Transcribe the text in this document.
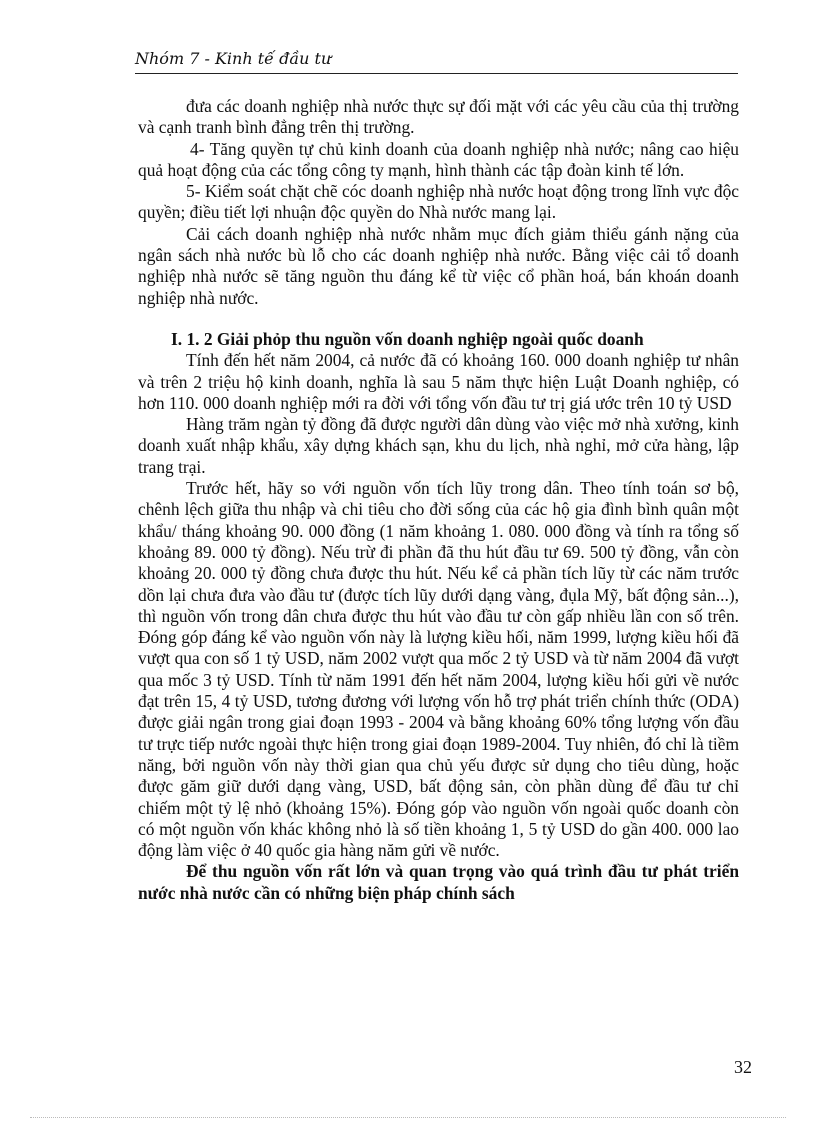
Nhóm 7 - Kinh tế đầu tư

đưa các doanh nghiệp nhà nước thực sự đối mặt với các yêu cầu của thị trường và cạnh tranh bình đẳng trên thị trường.

4- Tăng quyền tự chủ kinh doanh của doanh nghiệp nhà nước; nâng cao hiệu quả hoạt động của các tổng công ty mạnh, hình thành các tập đoàn kinh tế lớn.

5- Kiểm soát chặt chẽ cóc doanh nghiệp nhà nước hoạt động trong lĩnh vực độc quyền; điều tiết lợi nhuận độc quyền do Nhà nước mang lại.

Cải cách doanh nghiệp nhà nước nhằm mục đích giảm thiểu gánh nặng của ngân sách nhà nước bù lỗ cho các doanh nghiệp nhà nước. Bằng việc cải tổ doanh nghiệp nhà nước sẽ tăng nguồn thu đáng kể từ việc cổ phần hoá, bán khoán doanh nghiệp nhà nước.

I. 1. 2 Giải phỏp thu nguồn vốn doanh nghiệp ngoài quốc doanh

Tính đến hết năm 2004, cả nước đã có khoảng 160. 000 doanh nghiệp tư nhân và trên 2 triệu hộ kinh doanh, nghĩa là sau 5 năm thực hiện Luật Doanh nghiệp, có hơn 110. 000 doanh nghiệp mới ra đời với tổng vốn đầu tư trị giá ước trên 10 tỷ USD

Hàng trăm ngàn tỷ đồng đã được người dân dùng vào việc mở nhà xưởng, kinh doanh xuất nhập khẩu, xây dựng khách sạn, khu du lịch, nhà nghỉ, mở cửa hàng, lập trang trại.

Trước hết, hãy so với nguồn vốn tích lũy trong dân. Theo tính toán sơ bộ, chênh lệch giữa thu nhập và chi tiêu cho đời sống của các hộ gia đình bình quân một khẩu/ tháng khoảng 90. 000 đồng (1 năm khoảng 1. 080. 000 đồng và tính ra tổng số khoảng 89. 000 tỷ đồng). Nếu trừ đi phần đã thu hút đầu tư 69. 500 tỷ đồng, vẫn còn khoảng 20. 000 tỷ đồng chưa được thu hút. Nếu kể cả phần tích lũy từ các năm trước dồn lại chưa đưa vào đầu tư (được tích lũy dưới dạng vàng, đụla Mỹ, bất động sản...), thì nguồn vốn trong dân chưa được thu hút vào đầu tư còn gấp nhiều lần con số trên. Đóng góp đáng kể vào nguồn vốn này là lượng kiều hối, năm 1999, lượng kiều hối đã vượt qua con số 1 tỷ USD, năm 2002 vượt qua mốc 2 tỷ USD và từ năm 2004 đã vượt qua mốc 3 tỷ USD. Tính từ năm 1991 đến hết năm 2004, lượng kiều hối gửi về nước đạt trên 15, 4 tỷ USD, tương đương với lượng vốn hỗ trợ phát triển chính thức (ODA) được giải ngân trong giai đoạn 1993 - 2004 và bằng khoảng 60% tổng lượng vốn đầu tư trực tiếp nước ngoài thực hiện trong giai đoạn 1989-2004. Tuy nhiên, đó chỉ là tiềm năng, bởi nguồn vốn này thời gian qua chủ yếu được sử dụng cho tiêu dùng, hoặc được găm giữ dưới dạng vàng, USD, bất động sản, còn phần dùng để đầu tư chỉ chiếm một tỷ lệ nhỏ (khoảng 15%). Đóng góp vào nguồn vốn ngoài quốc doanh còn có một nguồn vốn khác không nhỏ là số tiền khoảng 1, 5 tỷ USD do gần 400. 000 lao động làm việc ở 40 quốc gia hàng năm gửi về nước.

Để thu nguồn vốn rất lớn và quan trọng vào quá trình đầu tư phát triển nước nhà nước cần có những biện pháp chính sách

32
